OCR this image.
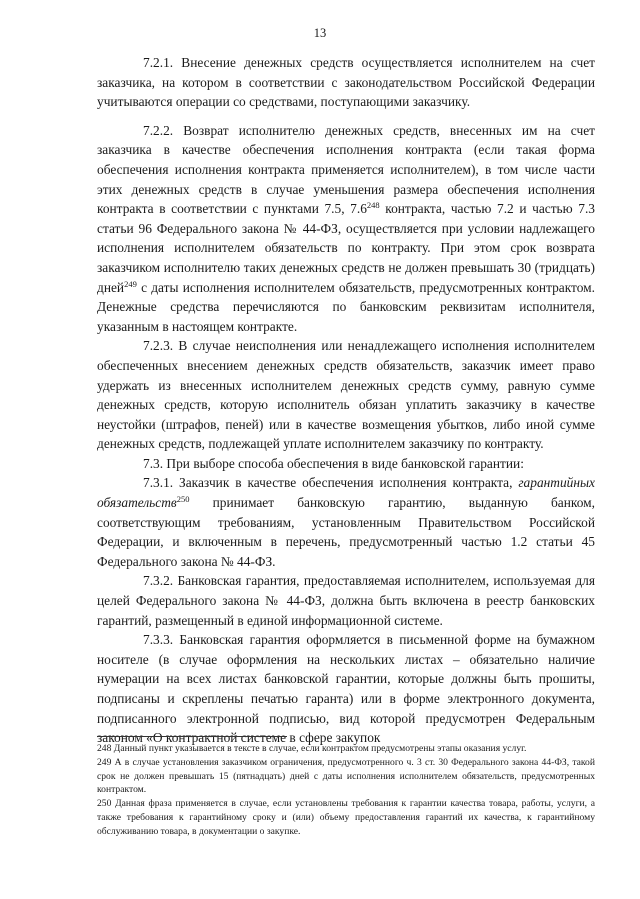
13

7.2.1. Внесение денежных средств осуществляется исполнителем на счет заказчика, на котором в соответствии с законодательством Российской Федерации учитываются операции со средствами, поступающими заказчику.

7.2.2. Возврат исполнителю денежных средств, внесенных им на счет заказчика в качестве обеспечения исполнения контракта (если такая форма обеспечения исполнения контракта применяется исполнителем), в том числе части этих денежных средств в случае уменьшения размера обеспечения исполнения контракта в соответствии с пунктами 7.5, $7.6^{248}$ контракта, частью 7.2 и частью 7.3 статьи 96 Федерального закона № 44-ФЗ, осуществляется при условии надлежащего исполнения исполнителем обязательств по контракту. При этом срок возврата заказчиком исполнителю таких денежных средств не должен превышать 30 (тридцать) дней$^{249}$ с даты исполнения исполнителем обязательств, предусмотренных контрактом. Денежные средства перечисляются по банковским реквизитам исполнителя, указанным в настоящем контракте.

7.2.3. В случае неисполнения или ненадлежащего исполнения исполнителем обеспеченных внесением денежных средств обязательств, заказчик имеет право удержать из внесенных исполнителем денежных средств сумму, равную сумме денежных средств, которую исполнитель обязан уплатить заказчику в качестве неустойки (штрафов, пеней) или в качестве возмещения убытков, либо иной сумме денежных средств, подлежащей уплате исполнителем заказчику по контракту.

7.3. При выборе способа обеспечения в виде банковской гарантии:

7.3.1. Заказчик в качестве обеспечения исполнения контракта, гарантийных обязательств$^{250}$ принимает банковскую гарантию, выданную банком, соответствующим требованиям, установленным Правительством Российской Федерации, и включенным в перечень, предусмотренный частью 1.2 статьи 45 Федерального закона № 44-ФЗ.

7.3.2. Банковская гарантия, предоставляемая исполнителем, используемая для целей Федерального закона № 44-ФЗ, должна быть включена в реестр банковских гарантий, размещенный в единой информационной системе.

7.3.3. Банковская гарантия оформляется в письменной форме на бумажном носителе (в случае оформления на нескольких листах – обязательно наличие нумерации на всех листах банковской гарантии, которые должны быть прошиты, подписаны и скреплены печатью гаранта) или в форме электронного документа, подписанного электронной подписью, вид которой предусмотрен Федеральным законом «О контрактной системе в сфере закупок

248 Данный пункт указывается в тексте в случае, если контрактом предусмотрены этапы оказания услуг.

249 А в случае установления заказчиком ограничения, предусмотренного ч. 3 ст. 30 Федерального закона 44-ФЗ, такой срок не должен превышать 15 (пятнадцать) дней с даты исполнения исполнителем обязательств, предусмотренных контрактом.

250 Данная фраза применяется в случае, если установлены требования к гарантии качества товара, работы, услуги, а также требования к гарантийному сроку и (или) объему предоставления гарантий их качества, к гарантийному обслуживанию товара, в документации о закупке.
